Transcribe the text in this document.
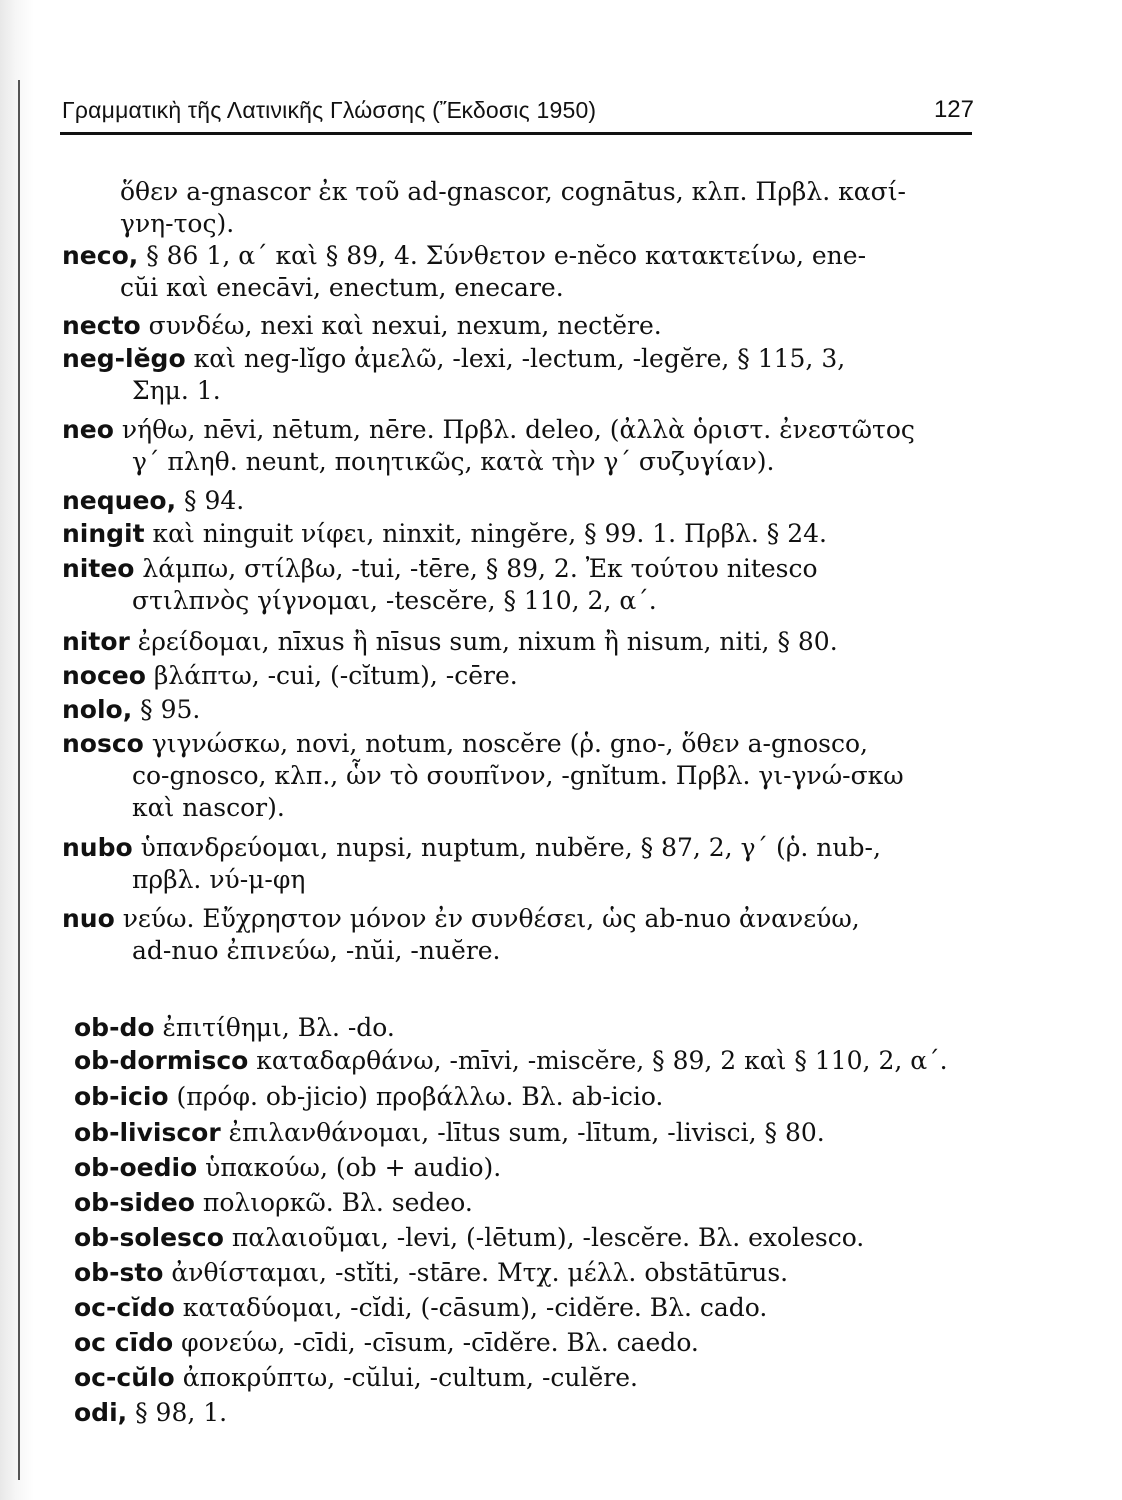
Γραμματικὴ τῆς Λατινικῆς Γλώσσης (Ἔκδοσις 1950)	127
ὅθεν a-gnascor ἐκ τοῦ ad-gnascor, cognātus, κλπ. Πρβλ. κασί-
γνη-τος).
neco, § 86 1, α΄ καὶ § 89, 4. Σύνθετον e-nĕco κατακτείνω, ene-
cŭi καὶ enecāvi, enectum, enecare.
necto συνδέω, nexi καὶ nexui, nexum, nectĕre.
neg-lĕgo καὶ neg-lĭgo ἀμελῶ, -lexi, -lectum, -legĕre, § 115, 3,
Σημ. 1.
neo νήθω, nēvi, nētum, nēre. Πρβλ. deleo, (ἀλλὰ ὁριστ. ἐνεστῶτος
γ΄ πληθ. neunt, ποιητικῶς, κατὰ τὴν γ΄ συζυγίαν).
nequeo, § 94.
ningit καὶ ninguit νίφει, ninxit, ningĕre, § 99. 1. Πρβλ. § 24.
niteo λάμπω, στίλβω, -tui, -tēre, § 89, 2. Ἐκ τούτου nitesco
στιλπνὸς γίγνομαι, -tescĕre, § 110, 2, α΄.
nitor ἐρείδομαι, nīxus ἢ nīsus sum, nixum ἢ nisum, niti, § 80.
noceo βλάπτω, -cui, (-cĭtum), -cēre.
nolo, § 95.
nosco γιγνώσκω, novi, notum, noscĕre (ῥ. gno-, ὅθεν a-gnosco,
co-gnosco, κλπ., ὧν τὸ σουπῖνον, -gnĭtum. Πρβλ. γι-γνώ-σκω
καὶ nascor).
nubo ὑπανδρεύομαι, nupsi, nuptum, nubĕre, § 87, 2, γ΄ (ῥ. nub-,
πρβλ. νύ-μ-φη
nuo νεύω. Εὔχρηστον μόνον ἐν συνθέσει, ὡς ab-nuo ἀνανεύω,
ad-nuo ἐπινεύω, -nŭi, -nuĕre.
ob-do ἐπιτίθημι, Βλ. -do.
ob-dormisco καταδαρθάνω, -mīvi, -miscĕre, § 89, 2 καὶ § 110, 2, α΄.
ob-icio (πρόφ. ob-jicio) προβάλλω. Βλ. ab-icio.
ob-liviscor ἐπιλανθάνομαι, -lītus sum, -lītum, -livisci, § 80.
ob-oedio ὑπακούω, (ob + audio).
ob-sideo πολιορκῶ. Βλ. sedeo.
ob-solesco παλαιοῦμαι, -levi, (-lētum), -lescĕre. Βλ. exolesco.
ob-sto ἀνθίσταμαι, -stĭti, -stāre. Μτχ. μέλλ. obstātūrus.
oc-cĭdo καταδύομαι, -cĭdi, (-cāsum), -cidĕre. Βλ. cado.
oc cīdo φονεύω, -cīdi, -cīsum, -cīdĕre. Βλ. caedo.
oc-cŭlo ἀποκρύπτω, -cŭlui, -cultum, -culĕre.
odi, § 98, 1.
